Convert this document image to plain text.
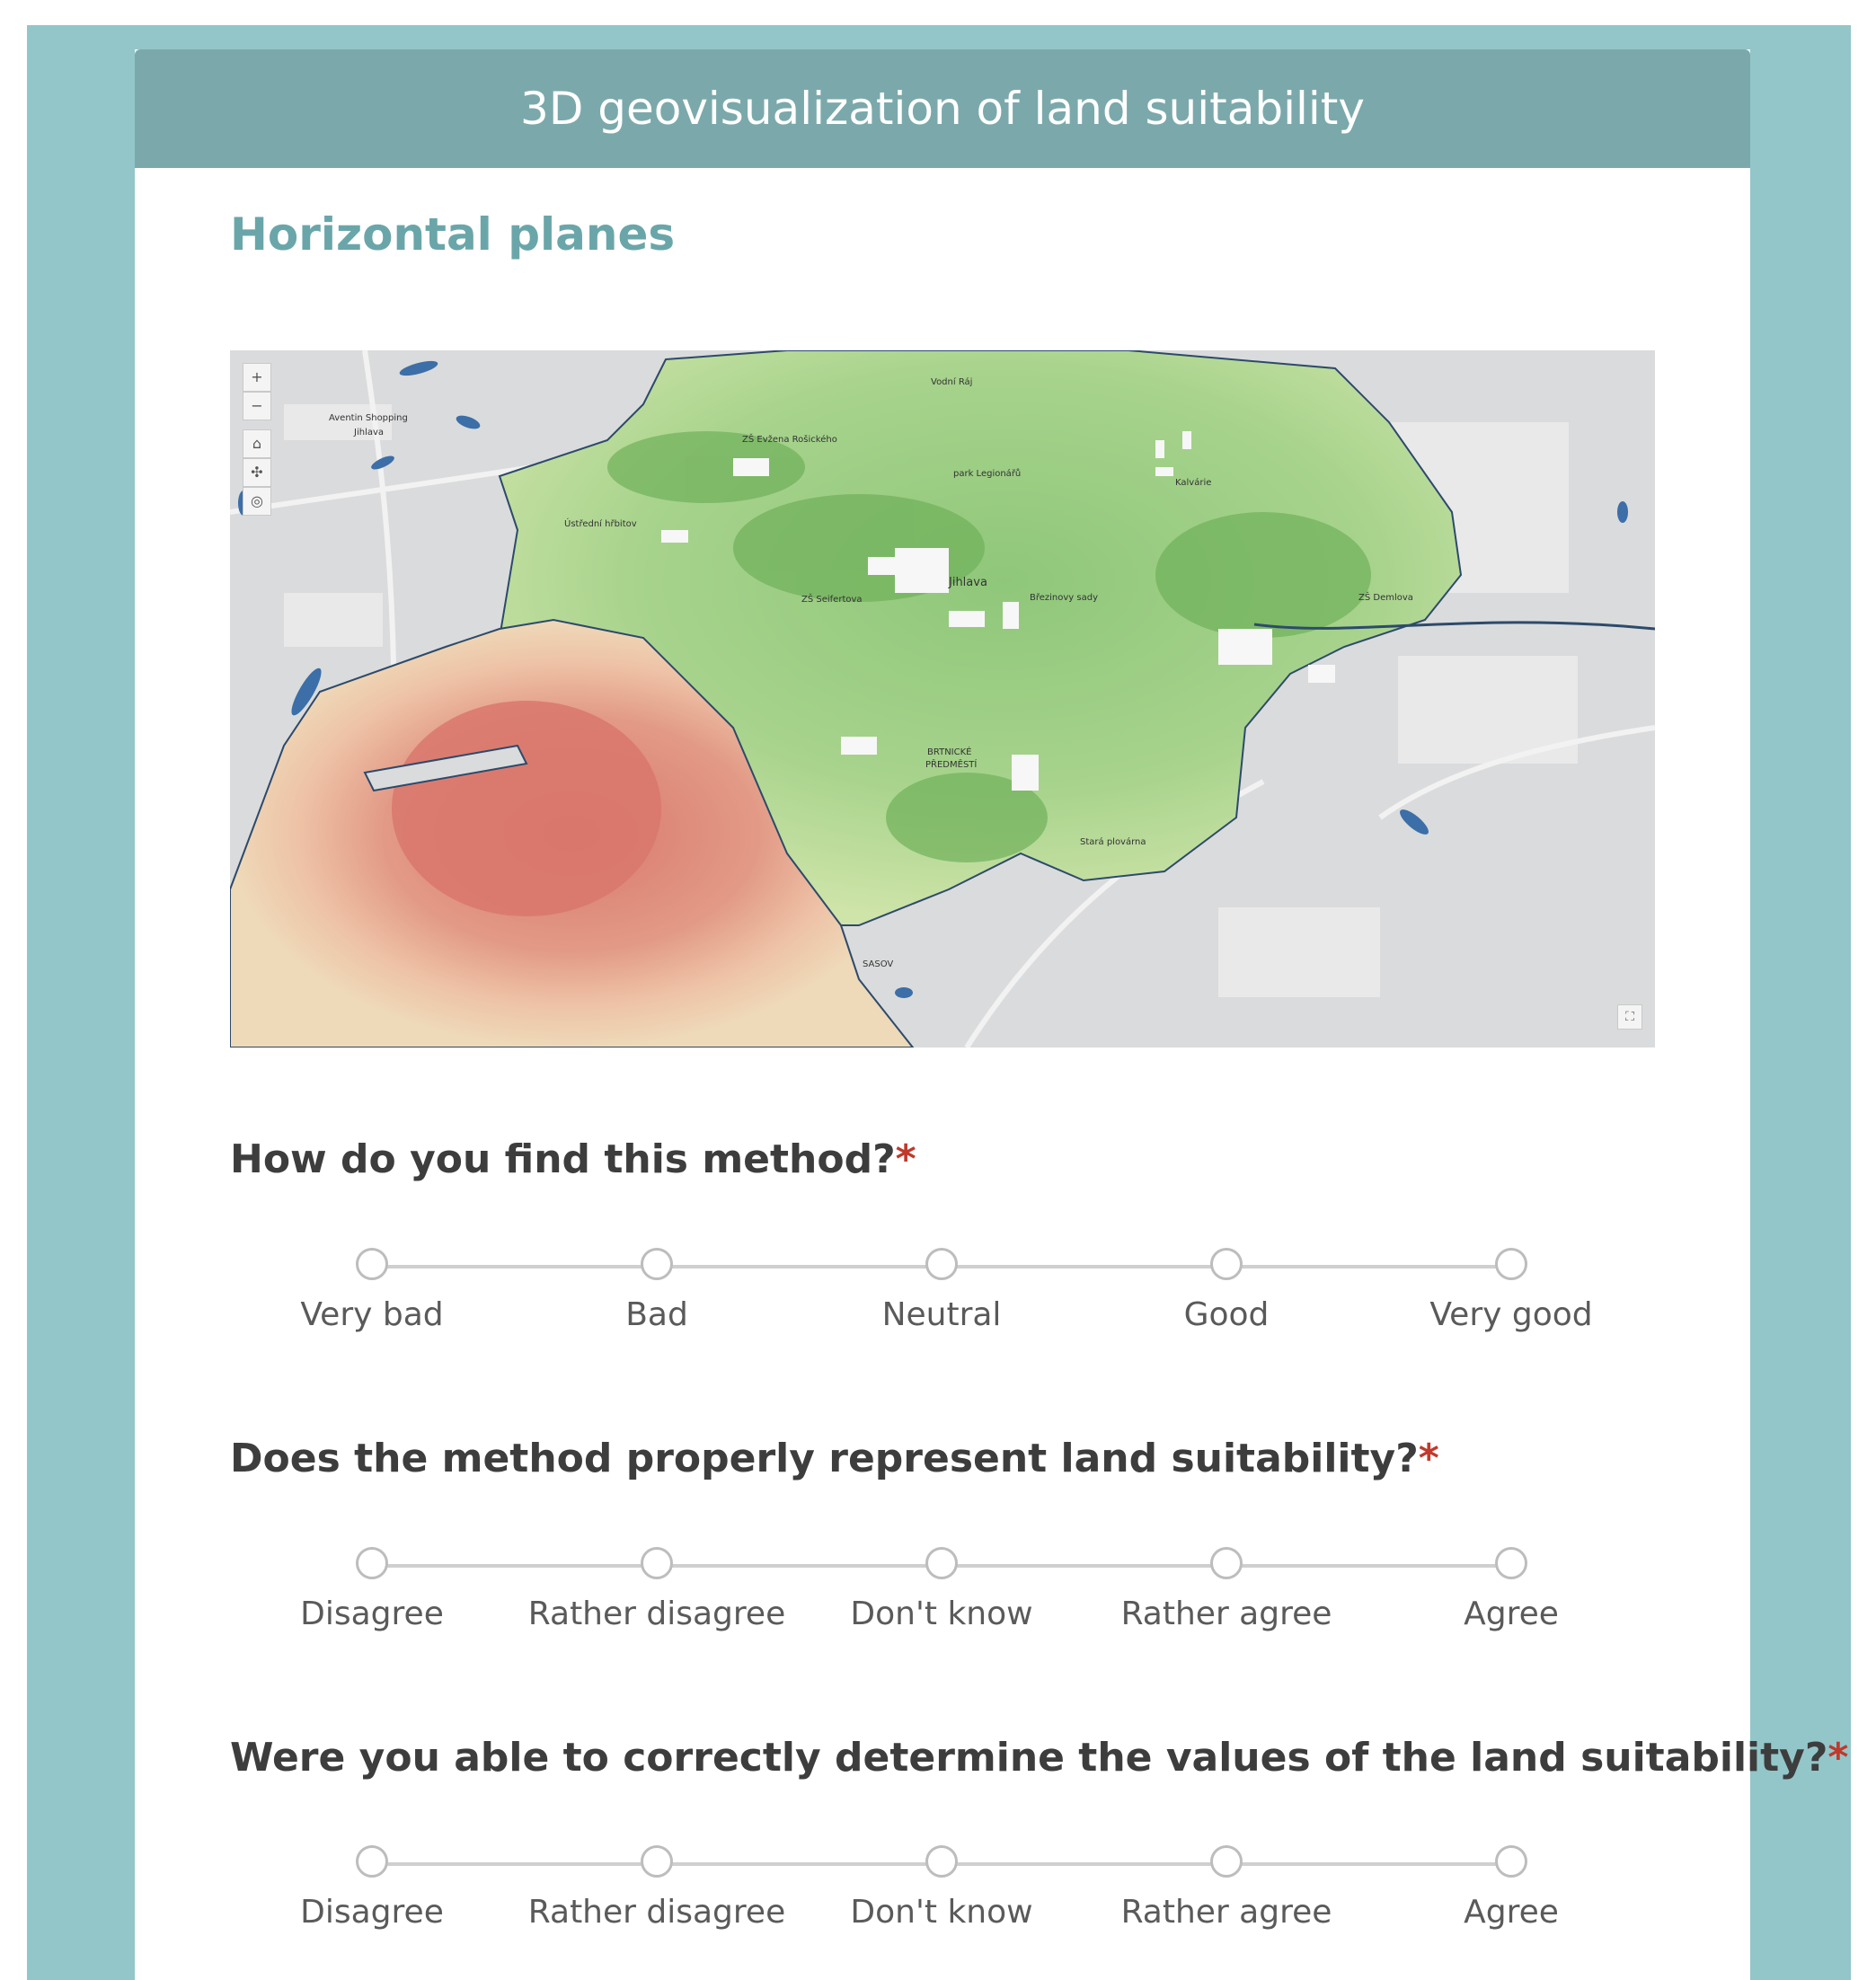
3D geovisualization of land suitability
Horizontal planes
Aventin Shopping
Jihlava
Vodní Ráj
ZŠ Evžena Rošického
park Legionářů
Kalvárie
Ústřední hřbitov
Jihlava
ZŠ Seifertova	Březinovy sady	ZŠ Demlova
BRTNICKÉ
PŘEDMĚSTÍ
Stará plovárna
SASOV
+
−
⌂
✣
◎
⛶
How do you find this method?*
Very bad	Bad	Neutral	Good	Very good
Does the method properly represent land suitability?*
Disagree	Rather disagree	Don't know	Rather agree	Agree
Were you able to correctly determine the values of the land suitability?*
Disagree	Rather disagree	Don't know	Rather agree	Agree
